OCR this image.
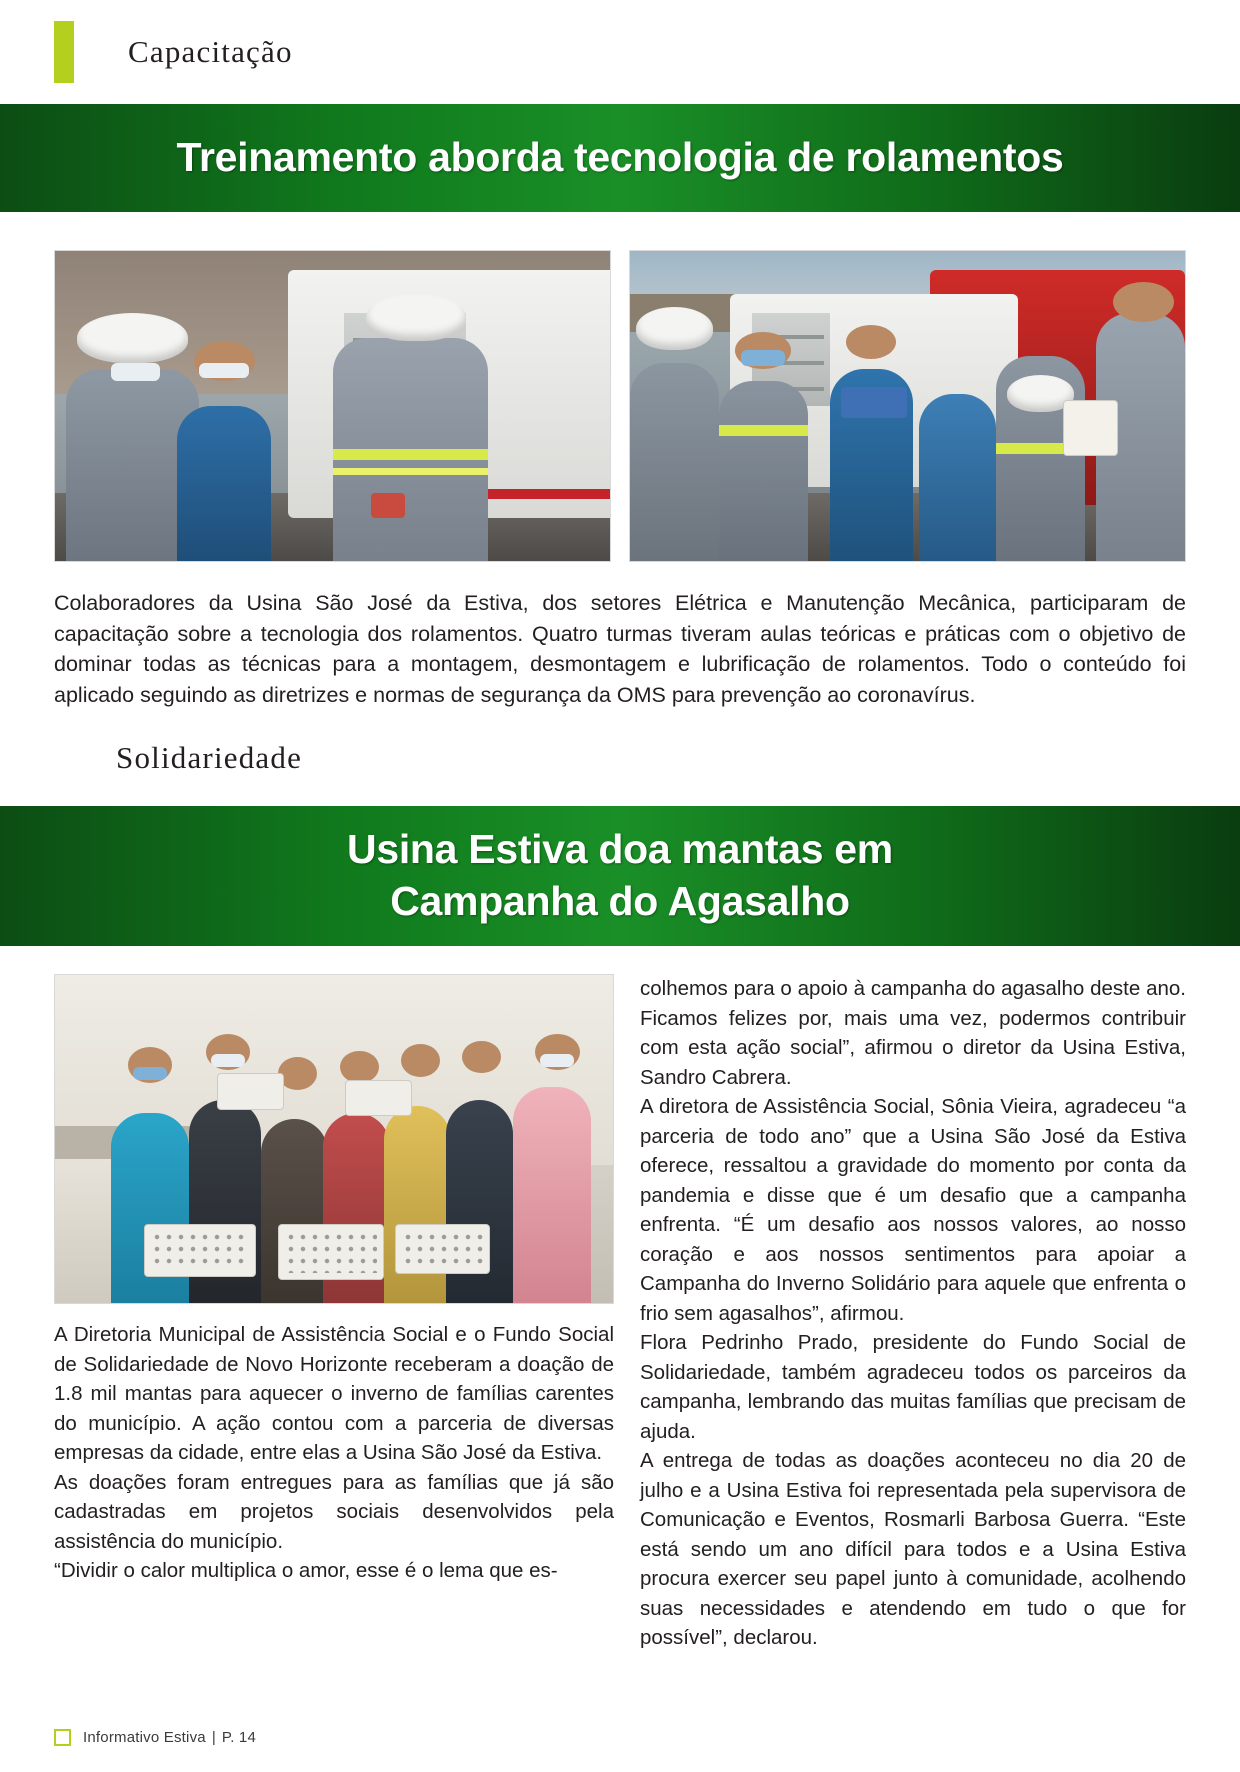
Capacitação
Treinamento aborda tecnologia de rolamentos

Colaboradores da Usina São José da Estiva, dos setores Elétrica e Manutenção Mecânica, participaram de capacitação sobre a tecnologia dos rolamentos. Quatro turmas tiveram aulas teóricas e práticas com o objetivo de dominar todas as técnicas para a montagem, desmontagem e lubrificação de rolamentos. Todo o conteúdo foi aplicado seguindo as diretrizes e normas de segurança da OMS para prevenção ao coronavírus.

Solidariedade
Usina Estiva doa mantas em
Campanha do Agasalho

A Diretoria Municipal de Assistência Social e o Fundo Social de Solidariedade de Novo Horizonte receberam a doação de 1.8 mil mantas para aquecer o inverno de famílias carentes do município. A ação contou com a parceria de diversas empresas da cidade, entre elas a Usina São José da Estiva.

As doações foram entregues para as famílias que já são cadastradas em projetos sociais desenvolvidos pela assistência do município.

“Dividir o calor multiplica o amor, esse é o lema que es-

colhemos para o apoio à campanha do agasalho deste ano. Ficamos felizes por, mais uma vez, podermos contribuir com esta ação social”, afirmou o diretor da Usina Estiva, Sandro Cabrera.

A diretora de Assistência Social, Sônia Vieira, agradeceu “a parceria de todo ano” que a Usina São José da Estiva oferece, ressaltou a gravidade do momento por conta da pandemia e disse que é um desafio que a campanha enfrenta. “É um desafio aos nossos valores, ao nosso coração e aos nossos sentimentos para apoiar a Campanha do Inverno Solidário para aquele que enfrenta o frio sem agasalhos”, afirmou.

Flora Pedrinho Prado, presidente do Fundo Social de Solidariedade, também agradeceu todos os parceiros da campanha, lembrando das muitas famílias que precisam de ajuda.

A entrega de todas as doações aconteceu no dia 20 de julho e a Usina Estiva foi representada pela supervisora de Comunicação e Eventos, Rosmarli Barbosa Guerra. “Este está sendo um ano difícil para todos e a Usina Estiva procura exercer seu papel junto à comunidade, acolhendo suas necessidades e atendendo em tudo o que for possível”, declarou.

Informativo Estiva | P. 14
